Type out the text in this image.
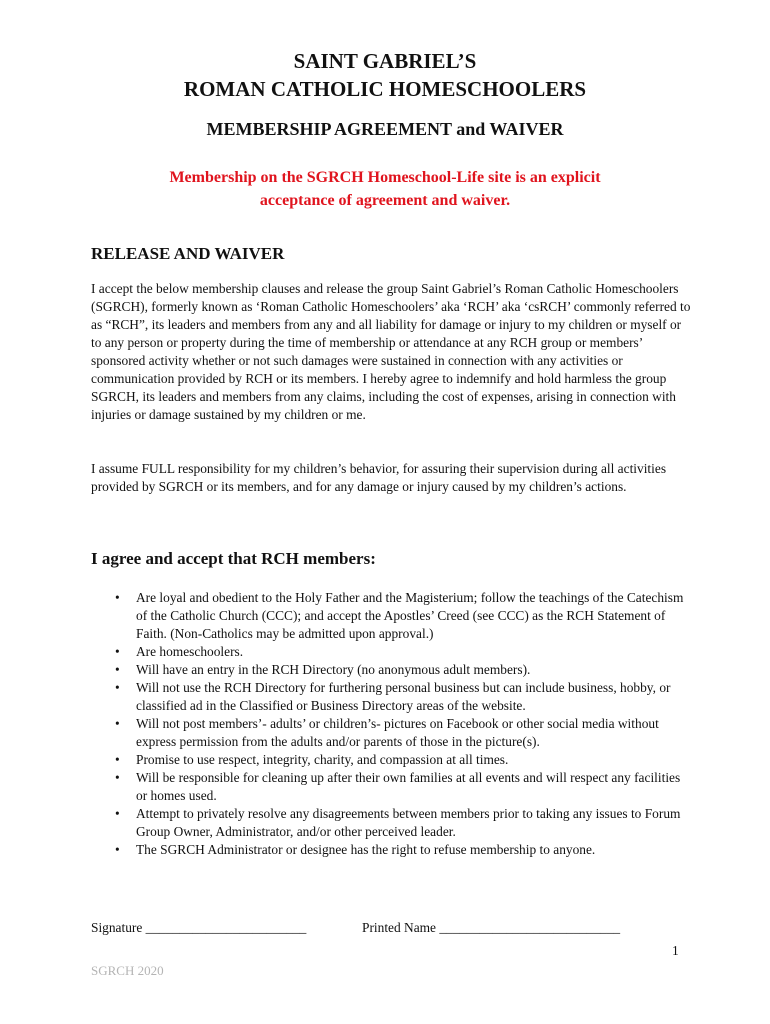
SAINT GABRIEL’S
ROMAN CATHOLIC HOMESCHOOLERS
MEMBERSHIP AGREEMENT and WAIVER
Membership on the SGRCH Homeschool-Life site is an explicit
acceptance of agreement and waiver.
RELEASE AND WAIVER

I accept the below membership clauses and release the group Saint Gabriel’s Roman Catholic Homeschoolers (SGRCH), formerly known as ‘Roman Catholic Homeschoolers’ aka ‘RCH’ aka ‘csRCH’ commonly referred to as “RCH”, its leaders and members from any and all liability for damage or injury to my children or myself or to any person or property during the time of membership or attendance at any RCH group or members’ sponsored activity whether or not such damages were sustained in connection with any activities or communication provided by RCH or its members. I hereby agree to indemnify and hold harmless the group SGRCH, its leaders and members from any claims, including the cost of expenses, arising in connection with injuries or damage sustained by my children or me.

I assume FULL responsibility for my children’s behavior, for assuring their supervision during all activities provided by SGRCH or its members, and for any damage or injury caused by my children’s actions.

I agree and accept that RCH members:
• Are loyal and obedient to the Holy Father and the Magisterium; follow the teachings of the Catechism of the Catholic Church (CCC); and accept the Apostles’ Creed (see CCC) as the RCH Statement of Faith. (Non-Catholics may be admitted upon approval.)
• Are homeschoolers.
• Will have an entry in the RCH Directory (no anonymous adult members).
• Will not use the RCH Directory for furthering personal business but can include business, hobby, or classified ad in the Classified or Business Directory areas of the website.
• Will not post members’- adults’ or children’s- pictures on Facebook or other social media without express permission from the adults and/or parents of those in the picture(s).
• Promise to use respect, integrity, charity, and compassion at all times.
• Will be responsible for cleaning up after their own families at all events and will respect any facilities or homes used.
• Attempt to privately resolve any disagreements between members prior to taking any issues to Forum Group Owner, Administrator, and/or other perceived leader.
• The SGRCH Administrator or designee has the right to refuse membership to anyone.
Signature ________________________	Printed Name ___________________________
1
SGRCH 2020
